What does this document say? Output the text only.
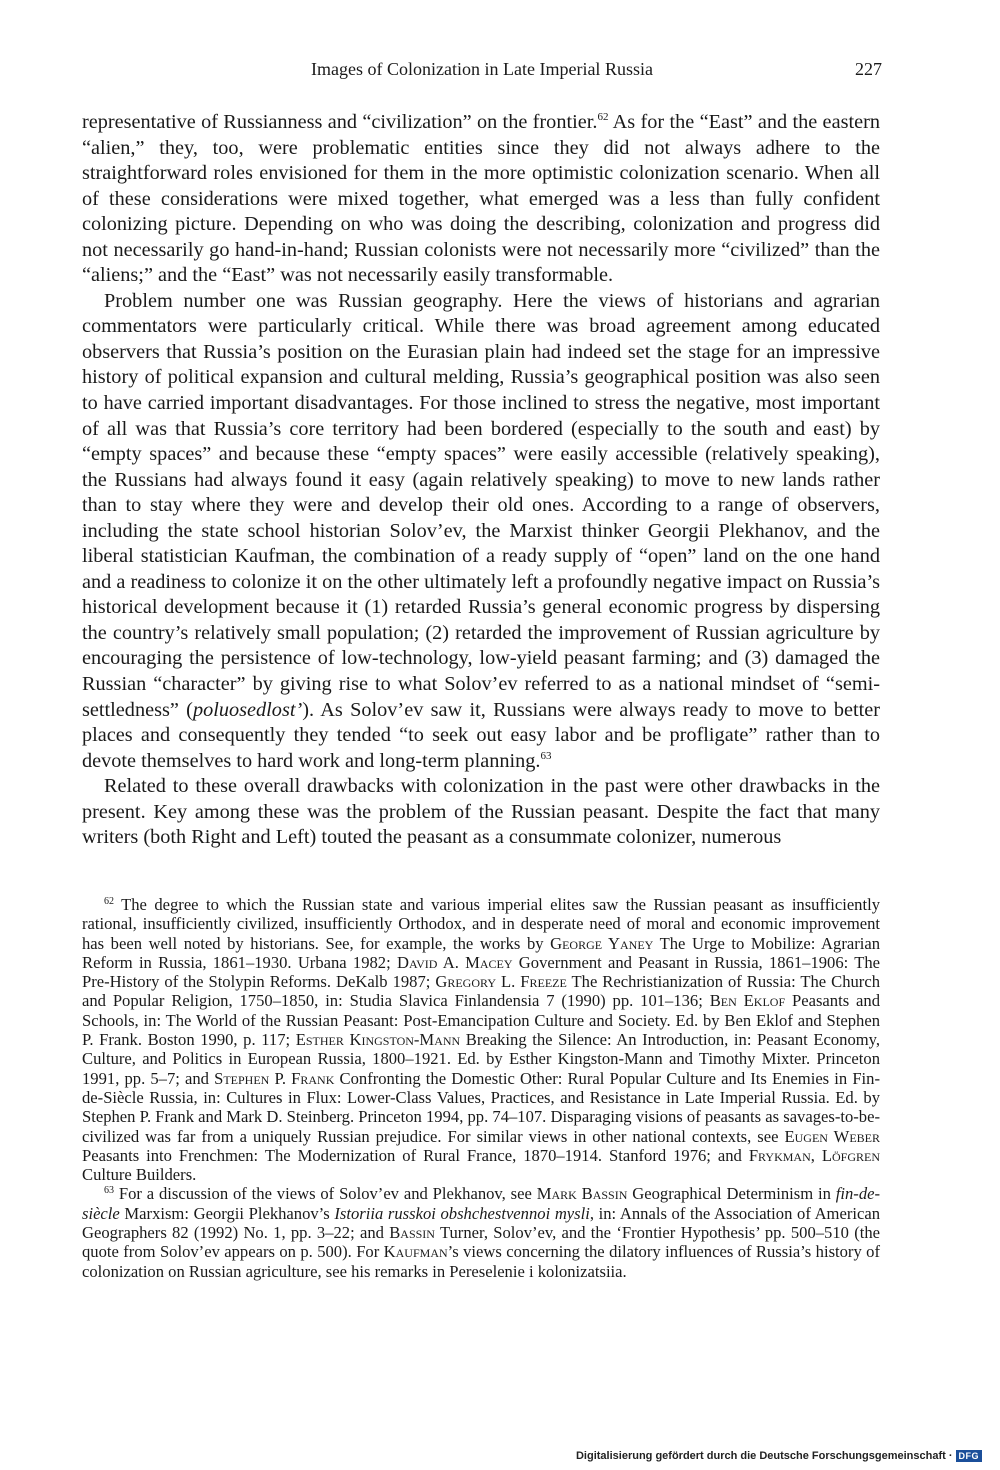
Images of Colonization in Late Imperial Russia	227

representative of Russianness and “civilization” on the frontier.$^{62}$ As for the “East” and the eastern “alien,” they, too, were problematic entities since they did not always adhere to the straightforward roles envisioned for them in the more optimistic colonization scenario. When all of these considerations were mixed together, what emerged was a less than fully confident colonizing picture. Depending on who was doing the describing, colonization and progress did not necessarily go hand-in-hand; Russian colonists were not necessarily more “civilized” than the “aliens;” and the “East” was not necessarily easily transformable.

Problem number one was Russian geography. Here the views of historians and agrarian commentators were particularly critical. While there was broad agreement among educated observers that Russia’s position on the Eurasian plain had indeed set the stage for an impressive history of political expansion and cultural melding, Russia’s geographical position was also seen to have carried important disadvantages. For those inclined to stress the negative, most important of all was that Russia’s core territory had been bordered (especially to the south and east) by “empty spaces” and because these “empty spaces” were easily accessible (relatively speaking), the Russians had always found it easy (again relatively speaking) to move to new lands rather than to stay where they were and develop their old ones. According to a range of observers, including the state school historian Solov’ev, the Marxist thinker Georgii Plekhanov, and the liberal statistician Kaufman, the combination of a ready supply of “open” land on the one hand and a readiness to colonize it on the other ultimately left a profoundly negative impact on Russia’s historical development because it (1) retarded Russia’s general economic progress by dispersing the country’s relatively small population; (2) retarded the improvement of Russian agriculture by encouraging the persistence of low-technology, low-yield peasant farming; and (3) damaged the Russian “character” by giving rise to what Solov’ev referred to as a national mindset of “semi-settledness” (poluosedlost’). As Solov’ev saw it, Russians were always ready to move to better places and consequently they tended “to seek out easy labor and be profligate” rather than to devote themselves to hard work and long-term planning.$^{63}$

Related to these overall drawbacks with colonization in the past were other drawbacks in the present. Key among these was the problem of the Russian peasant. Despite the fact that many writers (both Right and Left) touted the peasant as a consummate colonizer, numerous

$^{62}$ The degree to which the Russian state and various imperial elites saw the Russian peasant as insufficiently rational, insufficiently civilized, insufficiently Orthodox, and in desperate need of moral and economic improvement has been well noted by historians. See, for example, the works by George Yaney The Urge to Mobilize: Agrarian Reform in Russia, 1861–1930. Urbana 1982; David A. Macey Government and Peasant in Russia, 1861–1906: The Pre-History of the Stolypin Reforms. DeKalb 1987; Gregory L. Freeze The Rechristianization of Russia: The Church and Popular Religion, 1750–1850, in: Studia Slavica Finlandensia 7 (1990) pp. 101–136; Ben Eklof Peasants and Schools, in: The World of the Russian Peasant: Post-Emancipation Culture and Society. Ed. by Ben Eklof and Stephen P. Frank. Boston 1990, p. 117; Esther Kingston-Mann Breaking the Silence: An Introduction, in: Peasant Economy, Culture, and Politics in European Russia, 1800–1921. Ed. by Esther Kingston-Mann and Timothy Mixter. Princeton 1991, pp. 5–7; and Stephen P. Frank Confronting the Domestic Other: Rural Popular Culture and Its Enemies in Fin-de-Siècle Russia, in: Cultures in Flux: Lower-Class Values, Practices, and Resistance in Late Imperial Russia. Ed. by Stephen P. Frank and Mark D. Steinberg. Princeton 1994, pp. 74–107. Disparaging visions of peasants as savages-to-be-civilized was far from a uniquely Russian prejudice. For similar views in other national contexts, see Eugen Weber Peasants into Frenchmen: The Modernization of Rural France, 1870–1914. Stanford 1976; and Frykman, Löfgren Culture Builders.

$^{63}$ For a discussion of the views of Solov’ev and Plekhanov, see Mark Bassin Geographical Determinism in fin-de-siècle Marxism: Georgii Plekhanov’s Istoriia russkoi obshchestvennoi mysli, in: Annals of the Association of American Geographers 82 (1992) No. 1, pp. 3–22; and Bassin Turner, Solov’ev, and the ‘Frontier Hypothesis’ pp. 500–510 (the quote from Solov’ev appears on p. 500). For Kaufman’s views concerning the dilatory influences of Russia’s history of colonization on Russian agriculture, see his remarks in Pereselenie i kolonizatsiia.

Digitalisierung gefördert durch die Deutsche Forschungsgemeinschaft · DFG
